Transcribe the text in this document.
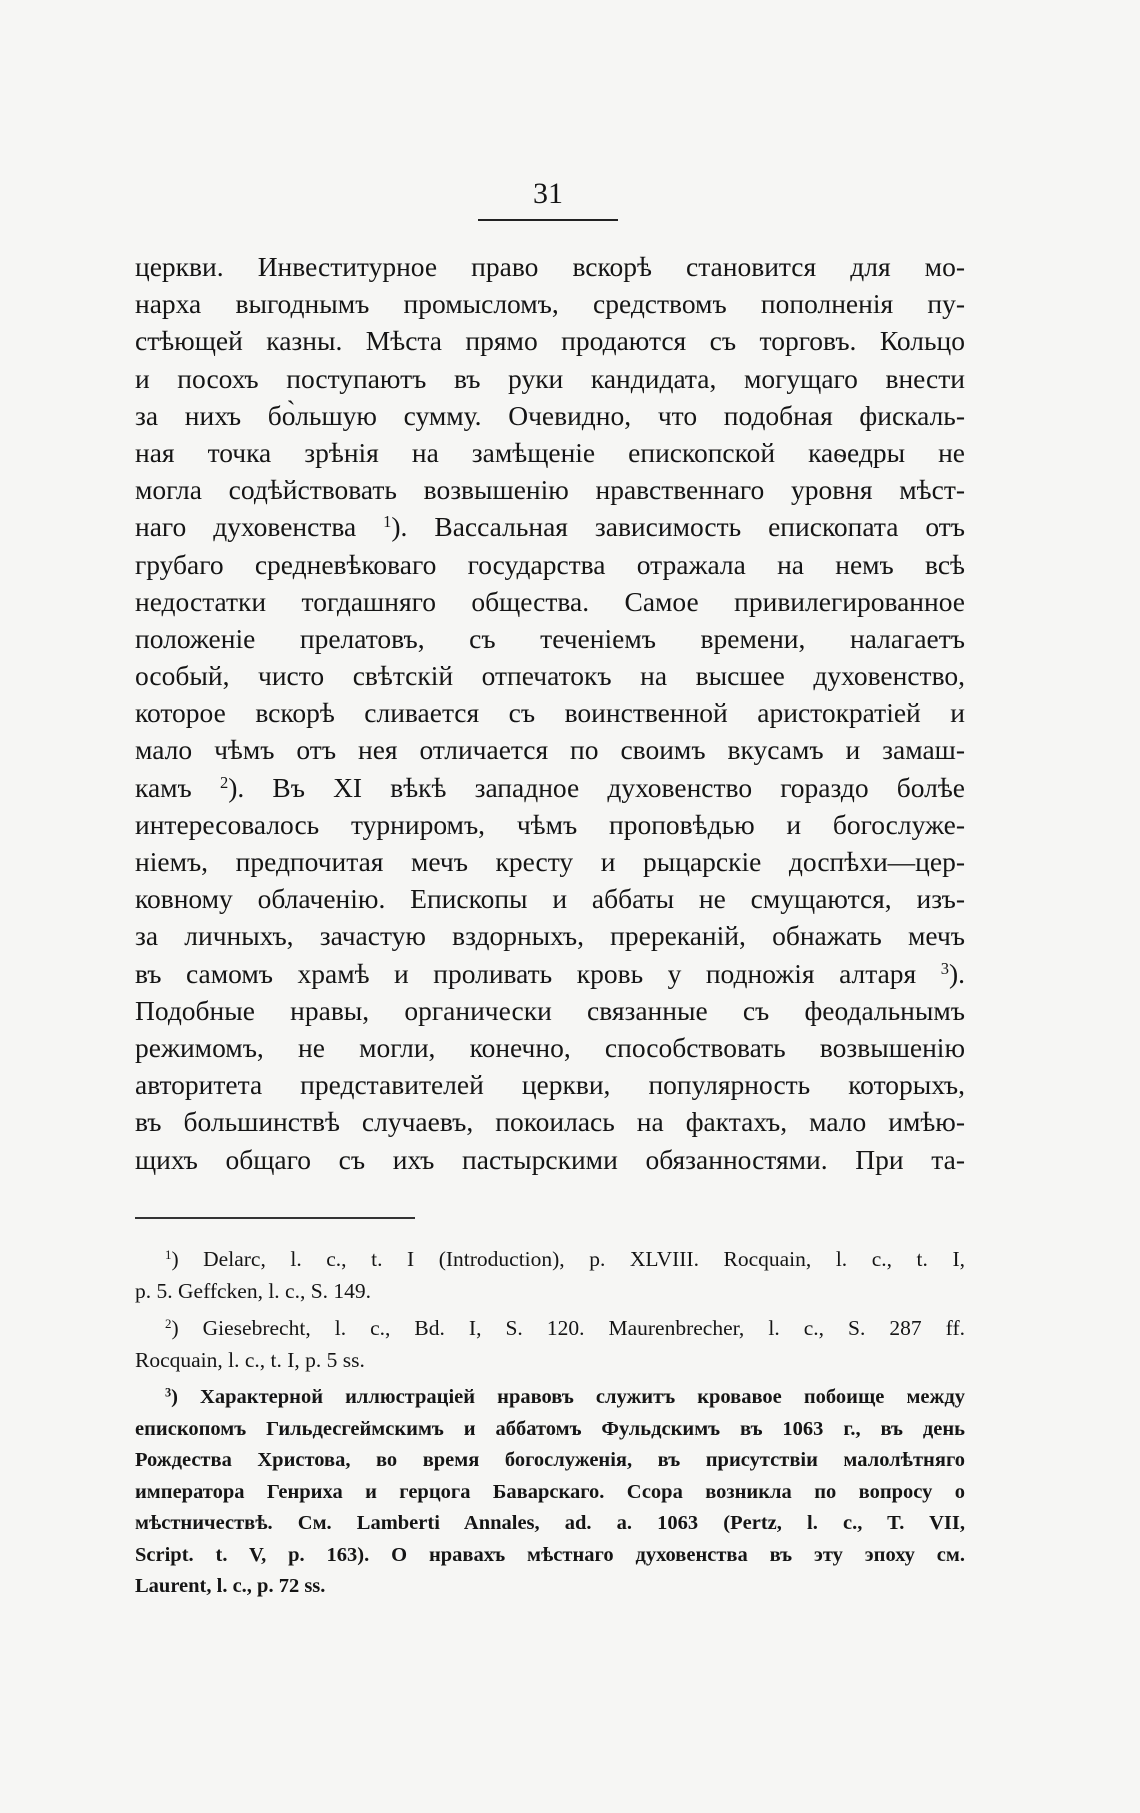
31
церкви. Инвеститурное право вскорѣ становится для мо-
нарха выгоднымъ промысломъ, средствомъ пополненія пу-
стѣющей казны. Мѣста прямо продаются съ торговъ. Кольцо
и посохъ поступаютъ въ руки кандидата, могущаго внести
за нихъ бо̀льшую сумму. Очевидно, что подобная фискаль-
ная точка зрѣнія на замѣщеніе епископской каѳедры не
могла содѣйствовать возвышенію нравственнаго уровня мѣст-
наго духовенства $^1$). Вассальная зависимость епископата отъ
грубаго средневѣковаго государства отражала на немъ всѣ
недостатки тогдашняго общества. Самое привилегированное
положеніе прелатовъ, съ теченіемъ времени, налагаетъ
особый, чисто свѣтскій отпечатокъ на высшее духовенство,
которое вскорѣ сливается съ воинственной аристократіей и
мало чѣмъ отъ нея отличается по своимъ вкусамъ и замаш-
камъ $^2$). Въ XI вѣкѣ западное духовенство гораздо болѣе
интересовалось турниромъ, чѣмъ проповѣдью и богослуже-
ніемъ, предпочитая мечъ кресту и рыцарскіе доспѣхи—цер-
ковному облаченію. Епископы и аббаты не смущаются, изъ-
за личныхъ, зачастую вздорныхъ, пререканій, обнажать мечъ
въ самомъ храмѣ и проливать кровь у подножія алтаря $^3$).
Подобные нравы, органически связанные съ феодальнымъ
режимомъ, не могли, конечно, способствовать возвышенію
авторитета представителей церкви, популярность которыхъ,
въ большинствѣ случаевъ, покоилась на фактахъ, мало имѣю-
щихъ общаго съ ихъ пастырскими обязанностями. При та-
$^1$) Delarc, l. c., t. I (Introduction), p. XLVIII. Rocquain, l. c., t. I,
p. 5. Geffcken, l. c., S. 149.
$^2$) Giesebrecht, l. c., Bd. I, S. 120. Maurenbrecher, l. c., S. 287 ff.
Rocquain, l. c., t. I, p. 5 ss.
$^3$) Характерной иллюстраціей нравовъ служитъ кровавое побоище между
епископомъ Гильдесгеймскимъ и аббатомъ Фульдскимъ въ 1063 г., въ день
Рождества Христова, во время богослуженія, въ присутствіи малолѣтняго
императора Генриха и герцога Баварскаго. Ссора возникла по вопросу о
мѣстничествѣ. См. Lamberti Annales, ad. a. 1063 (Pertz, l. c., T. VII,
Script. t. V, p. 163). О нравахъ мѣстнаго духовенства въ эту эпоху см.
Laurent, l. c., p. 72 ss.
